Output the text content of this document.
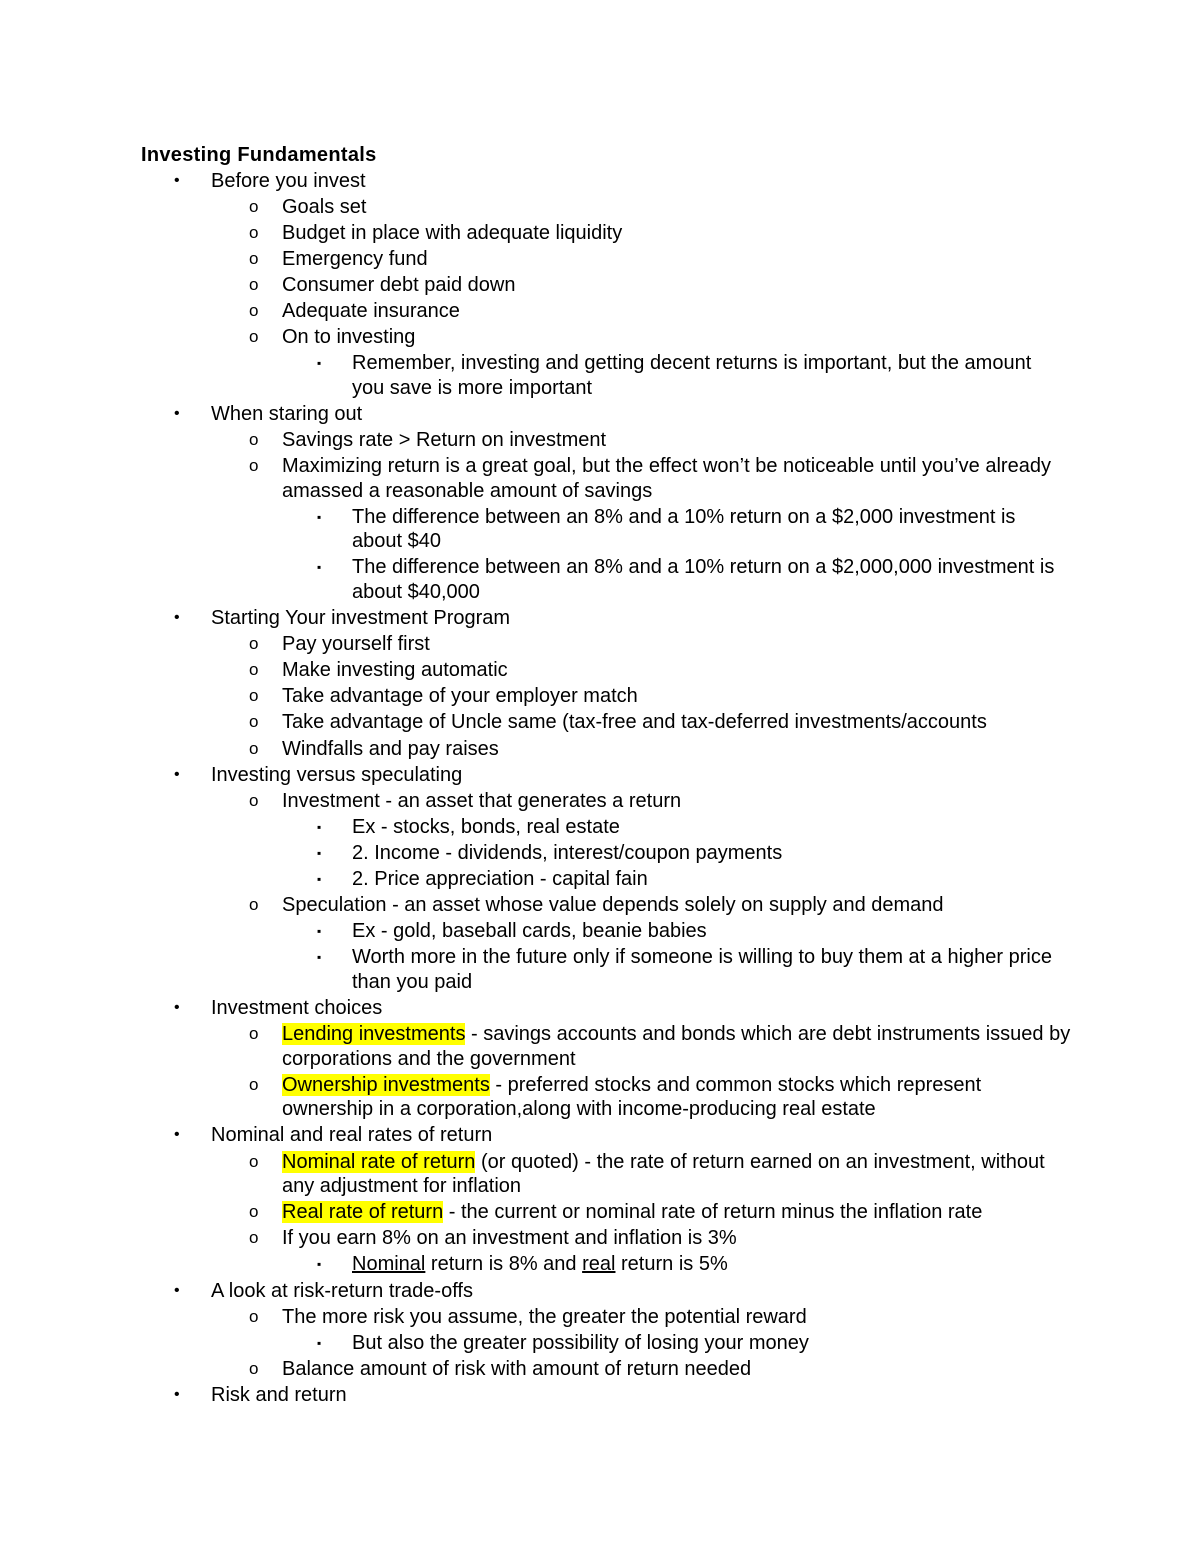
Investing Fundamentals
• Before you invest
o Goals set
o Budget in place with adequate liquidity
o Emergency fund
o Consumer debt paid down
o Adequate insurance
o On to investing
▪ Remember, investing and getting decent returns is important, but the amount you save is more important
• When staring out
o Savings rate > Return on investment
o Maximizing return is a great goal, but the effect won’t be noticeable until you’ve already amassed a reasonable amount of savings
▪ The difference between an 8% and a 10% return on a $2,000 investment is about $40
▪ The difference between an 8% and a 10% return on a $2,000,000 investment is about $40,000
• Starting Your investment Program
o Pay yourself first
o Make investing automatic
o Take advantage of your employer match
o Take advantage of Uncle same (tax-free and tax-deferred investments/accounts
o Windfalls and pay raises
• Investing versus speculating
o Investment - an asset that generates a return
▪ Ex - stocks, bonds, real estate
▪ 2. Income - dividends, interest/coupon payments
▪ 2. Price appreciation - capital fain
o Speculation - an asset whose value depends solely on supply and demand
▪ Ex - gold, baseball cards, beanie babies
▪ Worth more in the future only if someone is willing to buy them at a higher price than you paid
• Investment choices
o Lending investments - savings accounts and bonds which are debt instruments issued by corporations and the government
o Ownership investments - preferred stocks and common stocks which represent ownership in a corporation,along with income-producing real estate
• Nominal and real rates of return
o Nominal rate of return (or quoted) - the rate of return earned on an investment, without any adjustment for inflation
o Real rate of return - the current or nominal rate of return minus the inflation rate
o If you earn 8% on an investment and inflation is 3%
▪ Nominal return is 8% and real return is 5%
• A look at risk-return trade-offs
o The more risk you assume, the greater the potential reward
▪ But also the greater possibility of losing your money
o Balance amount of risk with amount of return needed
• Risk and return
